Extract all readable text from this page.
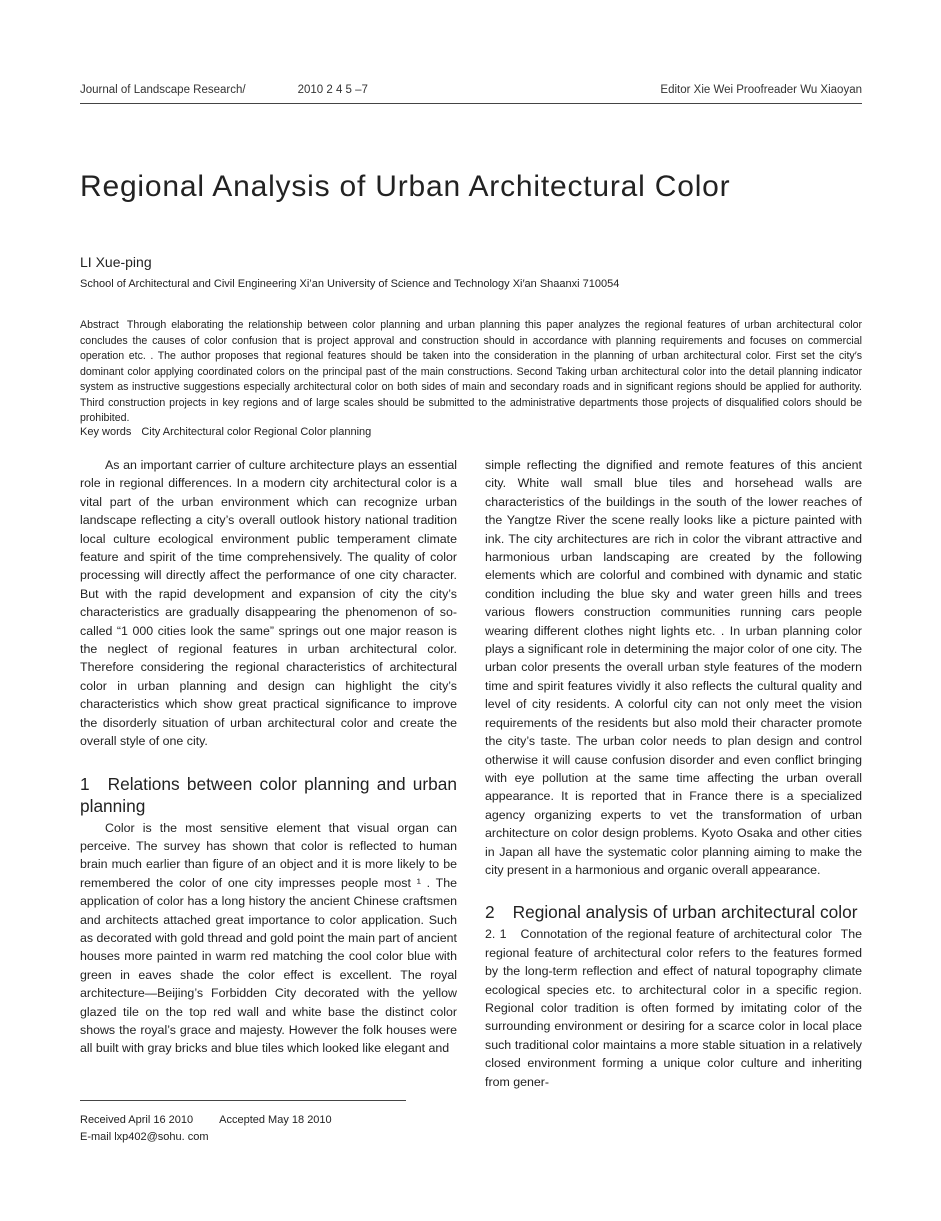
Journal of Landscape Research/	2010 2 4 5 –7	Editor Xie Wei Proofreader Wu Xiaoyan
Regional Analysis of Urban Architectural Color
LI Xue-ping
School of Architectural and Civil Engineering Xi’an University of Science and Technology Xi′an Shaanxi 710054

Abstract Through elaborating the relationship between color planning and urban planning this paper analyzes the regional features of urban architectural color concludes the causes of color confusion that is project approval and construction should in accordance with planning requirements and focuses on commercial operation etc. . The author proposes that regional features should be taken into the consideration in the planning of urban architectural color. First set the city′s dominant color applying coordinated colors on the principal past of the main constructions. Second Taking urban architectural color into the detail planning indicator system as instructive suggestions especially architectural color on both sides of main and secondary roads and in significant regions should be applied for authority. Third construction projects in key regions and of large scales should be submitted to the administrative departments those projects of disqualified colors should be prohibited.

Key words City Architectural color Regional Color planning

As an important carrier of culture architecture plays an essential role in regional differences. In a modern city architectural color is a vital part of the urban environment which can recognize urban landscape reflecting a city’s overall outlook history national tradition local culture ecological environment public temperament climate feature and spirit of the time comprehensively. The quality of color processing will directly affect the performance of one city character. But with the rapid development and expansion of city the city’s characteristics are gradually disappearing the phenomenon of so-called “1 000 cities look the same” springs out one major reason is the neglect of regional features in urban architectural color. Therefore considering the regional characteristics of architectural color in urban planning and design can highlight the city’s characteristics which show great practical significance to improve the disorderly situation of urban architectural color and create the overall style of one city.

1 Relations between color planning and urban planning

Color is the most sensitive element that visual organ can perceive. The survey has shown that color is reflected to human brain much earlier than figure of an object and it is more likely to be remembered the color of one city impresses people most ¹ . The application of color has a long history the ancient Chinese craftsmen and architects attached great importance to color application. Such as decorated with gold thread and gold point the main part of ancient houses more painted in warm red matching the cool color blue with green in eaves shade the color effect is excellent. The royal architecture—Beijing’s Forbidden City decorated with the yellow glazed tile on the top red wall and white base the distinct color shows the royal’s grace and majesty. However the folk houses were all built with gray bricks and blue tiles which looked like elegant and

simple reflecting the dignified and remote features of this ancient city. White wall small blue tiles and horsehead walls are characteristics of the buildings in the south of the lower reaches of the Yangtze River the scene really looks like a picture painted with ink. The city architectures are rich in color the vibrant attractive and harmonious urban landscaping are created by the following elements which are colorful and combined with dynamic and static condition including the blue sky and water green hills and trees various flowers construction communities running cars people wearing different clothes night lights etc. . In urban planning color plays a significant role in determining the major color of one city. The urban color presents the overall urban style features of the modern time and spirit features vividly it also reflects the cultural quality and level of city residents. A colorful city can not only meet the vision requirements of the residents but also mold their character promote the city’s taste. The urban color needs to plan design and control otherwise it will cause confusion disorder and even conflict bringing with eye pollution at the same time affecting the urban overall appearance. It is reported that in France there is a specialized agency organizing experts to vet the transformation of urban architecture on color design problems. Kyoto Osaka and other cities in Japan all have the systematic color planning aiming to make the city present in a harmonious and organic overall appearance.

2 Regional analysis of urban architectural color

2. 1 Connotation of the regional feature of architectural color The regional feature of architectural color refers to the features formed by the long-term reflection and effect of natural topography climate ecological species etc. to architectural color in a specific region. Regional color tradition is often formed by imitating color of the surrounding environment or desiring for a scarce color in local place such traditional color maintains a more stable situation in a relatively closed environment forming a unique color culture and inheriting from gener-

Received April 16 2010 Accepted May 18 2010
E-mail lxp402@sohu. com
